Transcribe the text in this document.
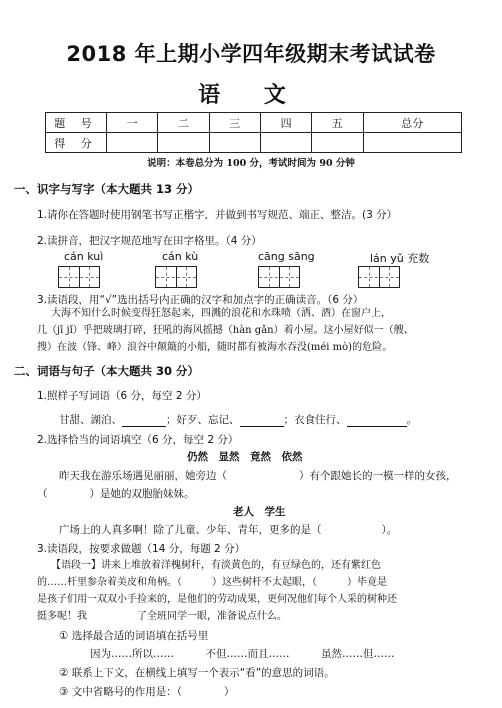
2018 年上期小学四年级期末考试试卷
语 文
题 号	一	二	三	四	五	总分
得 分						
说明：本卷总分为 100 分，考试时间为 90 分钟
一、识字与写字（本大题共 13 分）
1.请你在答题时使用钢笔书写正楷字，并做到书写规范、端正、整洁。(3 分）
2.读拼音，把汉字规范地写在田字格里。（4 分）
cán kuì	cán kù	cāng sāng	lán yǔ 充数
3.读语段，用“√”选出括号内正确的汉字和加点字的正确读音。（6 分）
大海不知什么时候变得狂怒起来，四溅的浪花和水珠喷（洒、酒）在窗户上，
几（jī jǐ）乎把玻璃打碎，狂吼的海风摇撼（hàn gǎn）着小屋。这小屋好似一（艘、
搜）在波（锋、峰）浪谷中颠簸的小船，随时都有被海水吞没(méi mò)的危险。
二、词语与句子（本大题共 30 分）
1.照样子写词语（6 分，每空 2 分）
甘甜、湖泊、	；好歹、忘记、	；衣食住行、	。
2.选择恰当的词语填空（6 分，每空 2 分）
仍然　显然　竟然　依然
昨天我在游乐场遇见丽丽，她旁边（	）有个跟她长的一模一样的女孩，
（　　　　）是她的双胞胎妹妹。
老人　学生
广场上的人真多啊！除了儿童、少年、青年，更多的是（	）。
3.读语段，按要求做题（14 分，每题 2 分）
【语段一】讲来上堆放着洋槐树秆，有淡黄色的，有豆绿色的，还有紫红色
的……杆里参杂着美皮和角柄。（　　　）这些树杆不太起眼，（　　　）毕竟是
是孩子们用一双双小手捡来的，是他们的劳动成果，更何况他们每个人采的树种还
挺多呢！我　　　　　了全班同学一眼，准备说点什么。
① 选择最合适的词语填在括号里
因为……所以……　　　不但……而且……　　　虽然……但……
② 联系上下文，在横线上填写一个表示“看”的意思的词语。
③ 文中省略号的作用是：（　　　　）
